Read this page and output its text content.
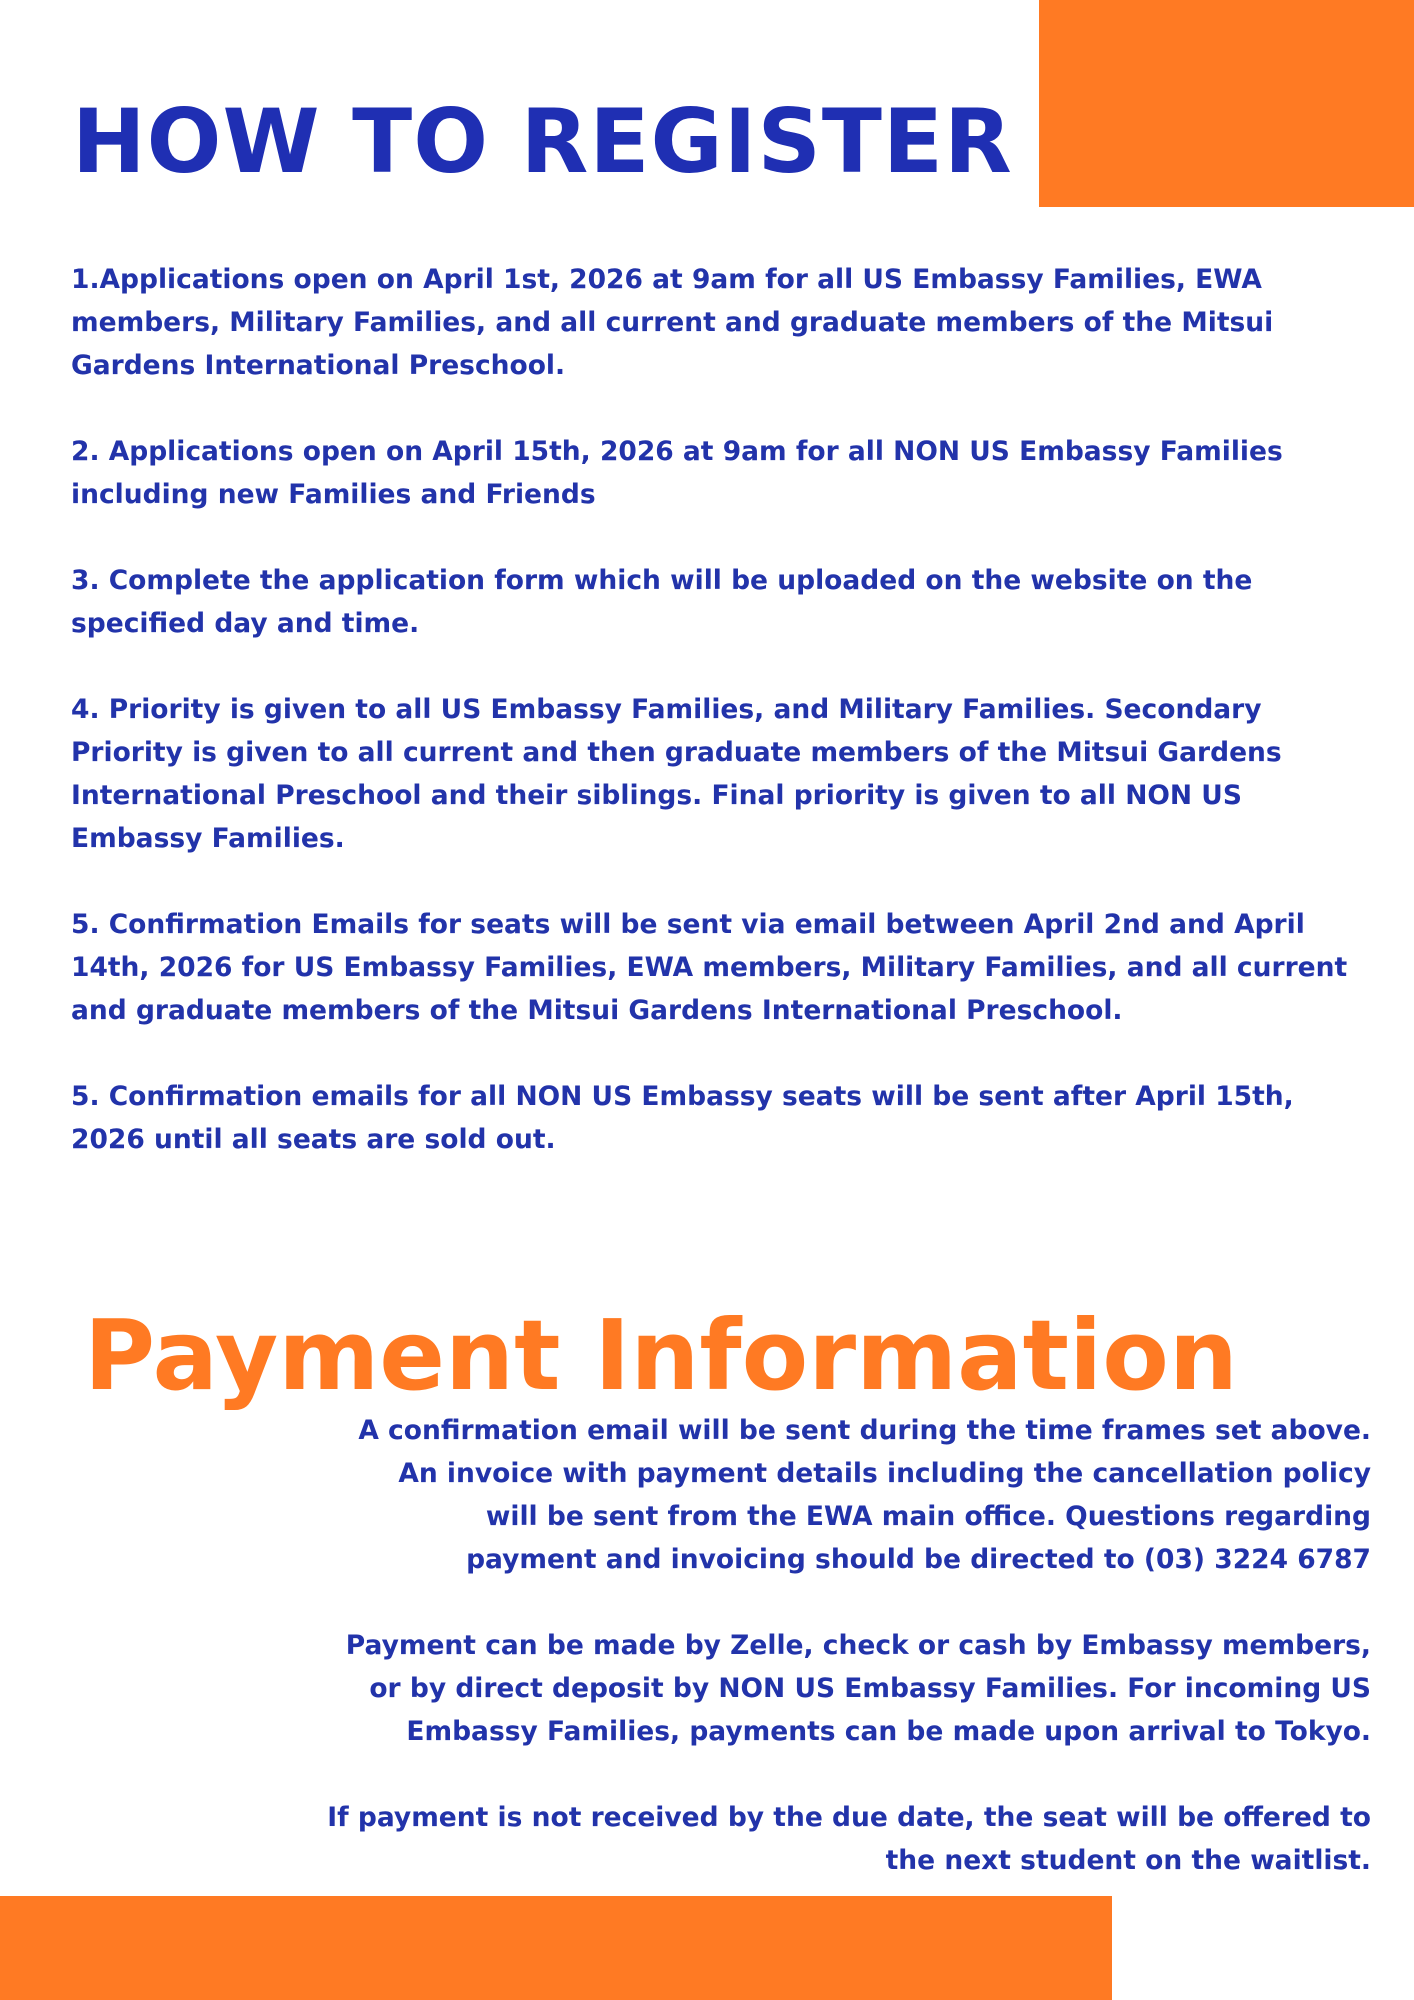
HOW TO REGISTER

1.Applications open on April 1st, 2026 at 9am for all US Embassy Families, EWA members, Military Families, and all current and graduate members of the Mitsui Gardens International Preschool.

2. Applications open on April 15th, 2026 at 9am for all NON US Embassy Families including new Families and Friends

3. Complete the application form which will be uploaded on the website on the specified day and time.

4. Priority is given to all US Embassy Families, and Military Families. Secondary Priority is given to all current and then graduate members of the Mitsui Gardens International Preschool and their siblings. Final priority is given to all NON US Embassy Families.

5. Confirmation Emails for seats will be sent via email between April 2nd and April 14th, 2026 for US Embassy Families, EWA members, Military Families, and all current and graduate members of the Mitsui Gardens International Preschool.

5. Confirmation emails for all NON US Embassy seats will be sent after April 15th, 2026 until all seats are sold out.

Payment Information

A confirmation email will be sent during the time frames set above.
An invoice with payment details including the cancellation policy
will be sent from the EWA main office. Questions regarding
payment and invoicing should be directed to (03) 3224 6787

Payment can be made by Zelle, check or cash by Embassy members,
or by direct deposit by NON US Embassy Families. For incoming US
Embassy Families, payments can be made upon arrival to Tokyo.

If payment is not received by the due date, the seat will be offered to
the next student on the waitlist.
